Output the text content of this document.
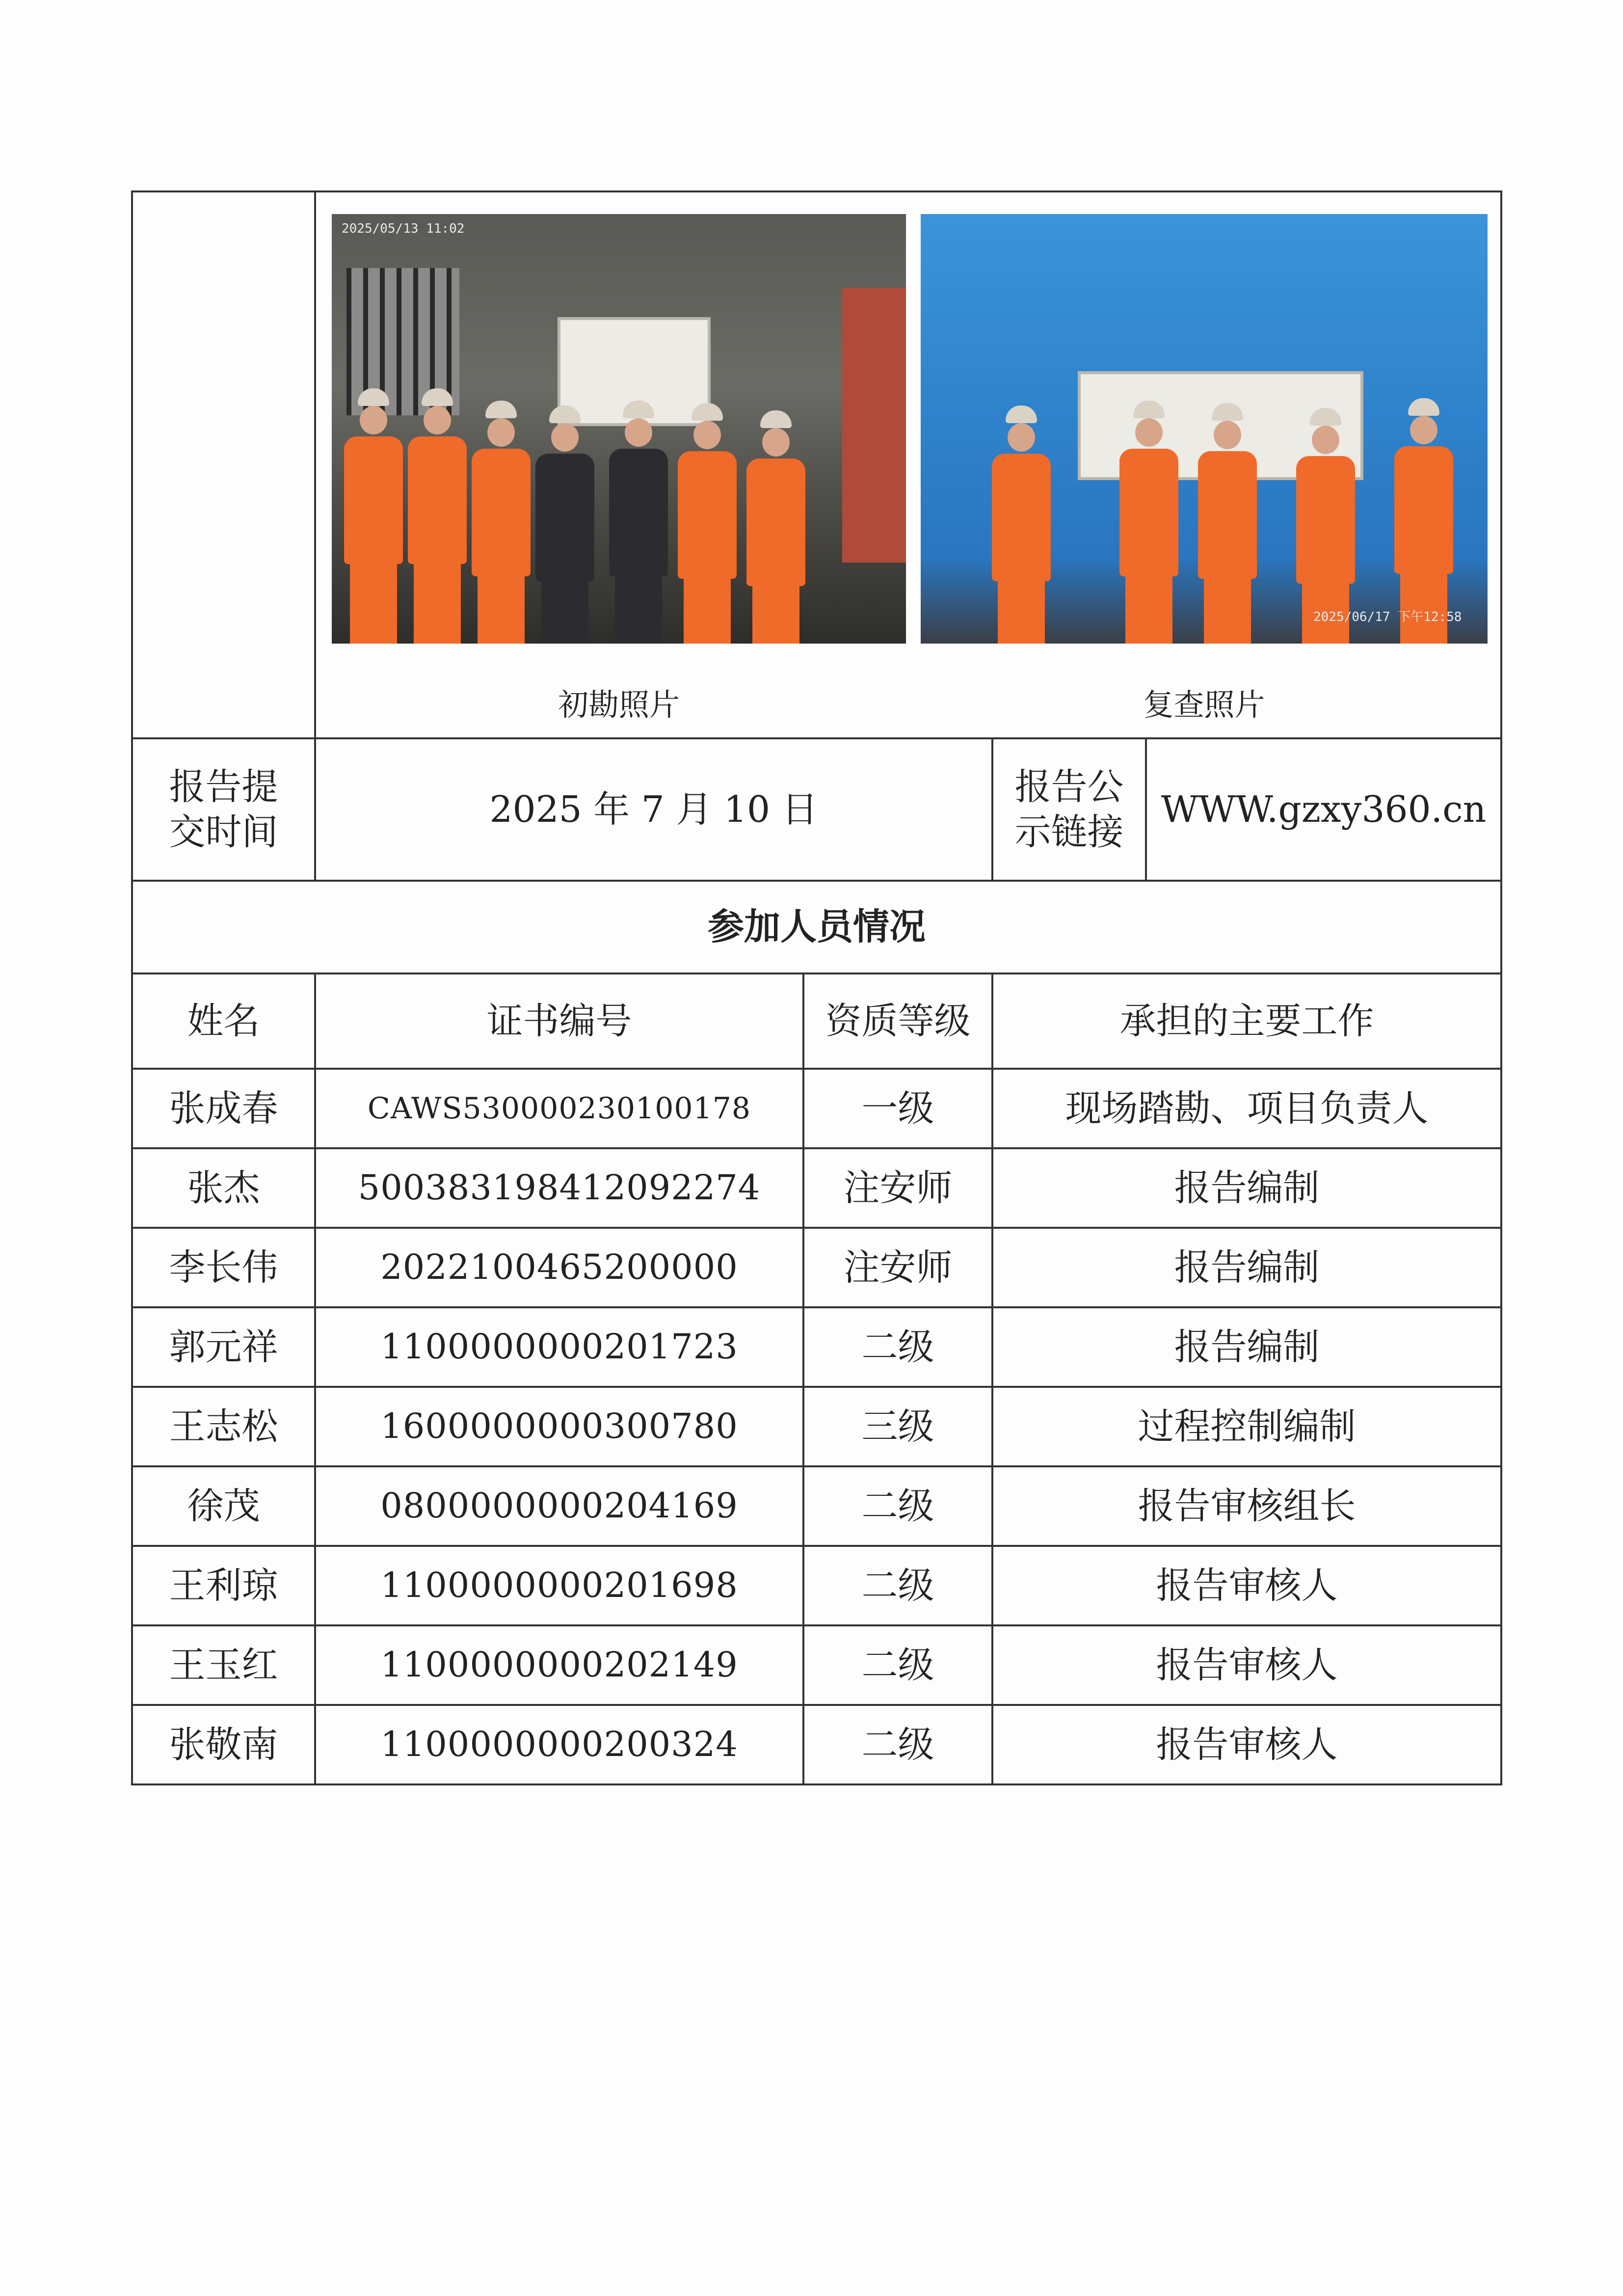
	2025/05/13 11:02
2025/06/17 下午12:58
初勘照片 复查照片			

报告提交时间	2025 年 7 月 10 日		报告公示链接	WWW.gzxy360.cn
参加人员情况				
姓名	证书编号	资质等级	承担的主要工作	
张成春	CAWS530000230100178	一级	现场踏勘、项目负责人	
张杰	500383198412092274	注安师	报告编制	
李长伟	2022100465200000	注安师	报告编制	
郭元祥	1100000000201723	二级	报告编制	
王志松	1600000000300780	三级	过程控制编制	
徐茂	0800000000204169	二级	报告审核组长	
王利琼	1100000000201698	二级	报告审核人	
王玉红	1100000000202149	二级	报告审核人	
张敬南	1100000000200324	二级	报告审核人	
